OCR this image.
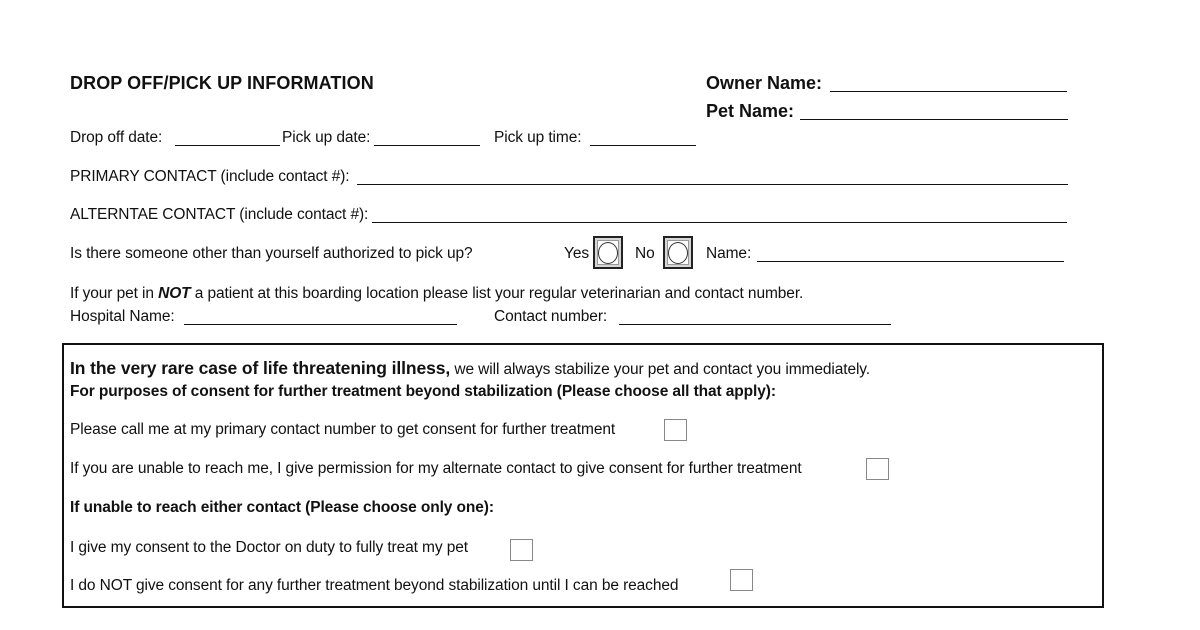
DROP OFF/PICK UP INFORMATION	Owner Name:
Pet Name:
Drop off date:	Pick up date:	Pick up time:
PRIMARY CONTACT (include contact #):
ALTERNTAE CONTACT (include contact #):
Is there someone other than yourself authorized to pick up?	Yes	No	Name:
If your pet in NOT a patient at this boarding location please list your regular veterinarian and contact number.
Hospital Name:	Contact number:
In the very rare case of life threatening illness, we will always stabilize your pet and contact you immediately.
For purposes of consent for further treatment beyond stabilization (Please choose all that apply):
Please call me at my primary contact number to get consent for further treatment
If you are unable to reach me, I give permission for my alternate contact to give consent for further treatment
If unable to reach either contact (Please choose only one):
I give my consent to the Doctor on duty to fully treat my pet
I do NOT give consent for any further treatment beyond stabilization until I can be reached
